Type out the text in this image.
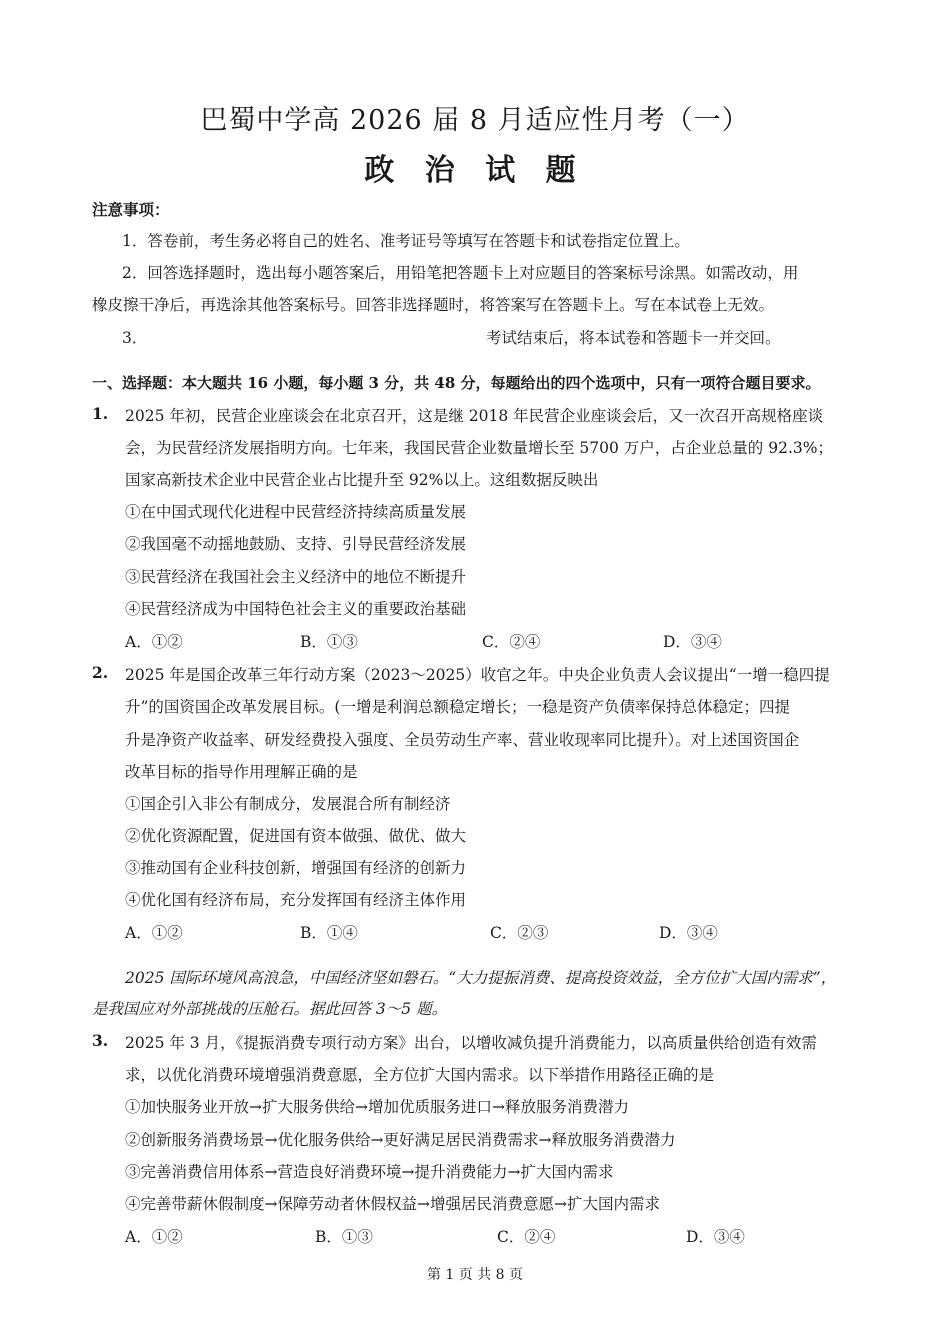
巴蜀中学高 2026 届 8 月适应性月考（一）
政 治 试 题
注意事项：
1．答卷前，考生务必将自己的姓名、准考证号等填写在答题卡和试卷指定位置上。
2．回答选择题时，选出每小题答案后，用铅笔把答题卡上对应题目的答案标号涂黑。如需改动，用
橡皮擦干净后，再选涂其他答案标号。回答非选择题时，将答案写在答题卡上。写在本试卷上无效。
3．	考试结束后，将本试卷和答题卡一并交回。
一、选择题：本大题共 16 小题，每小题 3 分，共 48 分，每题给出的四个选项中，只有一项符合题目要求。
1. 2025 年初，民营企业座谈会在北京召开，这是继 2018 年民营企业座谈会后，又一次召开高规格座谈
会，为民营经济发展指明方向。七年来，我国民营企业数量增长至 5700 万户，占企业总量的 92.3%；
国家高新技术企业中民营企业占比提升至 92%以上。这组数据反映出
①在中国式现代化进程中民营经济持续高质量发展
②我国毫不动摇地鼓励、支持、引导民营经济发展
③民营经济在我国社会主义经济中的地位不断提升
④民营经济成为中国特色社会主义的重要政治基础
A．①②	B．①③	C．②④	D．③④
2. 2025 年是国企改革三年行动方案（2023～2025）收官之年。中央企业负责人会议提出“一增一稳四提
升”的国资国企改革发展目标。(一增是利润总额稳定增长；一稳是资产负债率保持总体稳定；四提
升是净资产收益率、研发经费投入强度、全员劳动生产率、营业收现率同比提升）。对上述国资国企
改革目标的指导作用理解正确的是
①国企引入非公有制成分，发展混合所有制经济
②优化资源配置，促进国有资本做强、做优、做大
③推动国有企业科技创新，增强国有经济的创新力
④优化国有经济布局，充分发挥国有经济主体作用
A．①②	B．①④	C．②③	D．③④
2025 国际环境风高浪急，中国经济坚如磐石。“大力提振消费、提高投资效益，全方位扩大国内需求”，
是我国应对外部挑战的压舱石。据此回答 3～5 题。
3. 2025 年 3 月，《提振消费专项行动方案》出台，以增收减负提升消费能力，以高质量供给创造有效需
求，以优化消费环境增强消费意愿，全方位扩大国内需求。以下举措作用路径正确的是
①加快服务业开放→扩大服务供给→增加优质服务进口→释放服务消费潜力
②创新服务消费场景→优化服务供给→更好满足居民消费需求→释放服务消费潜力
③完善消费信用体系→营造良好消费环境→提升消费能力→扩大国内需求
④完善带薪休假制度→保障劳动者休假权益→增强居民消费意愿→扩大国内需求
A．①②	B．①③	C．②④	D．③④
第 1 页 共 8 页
